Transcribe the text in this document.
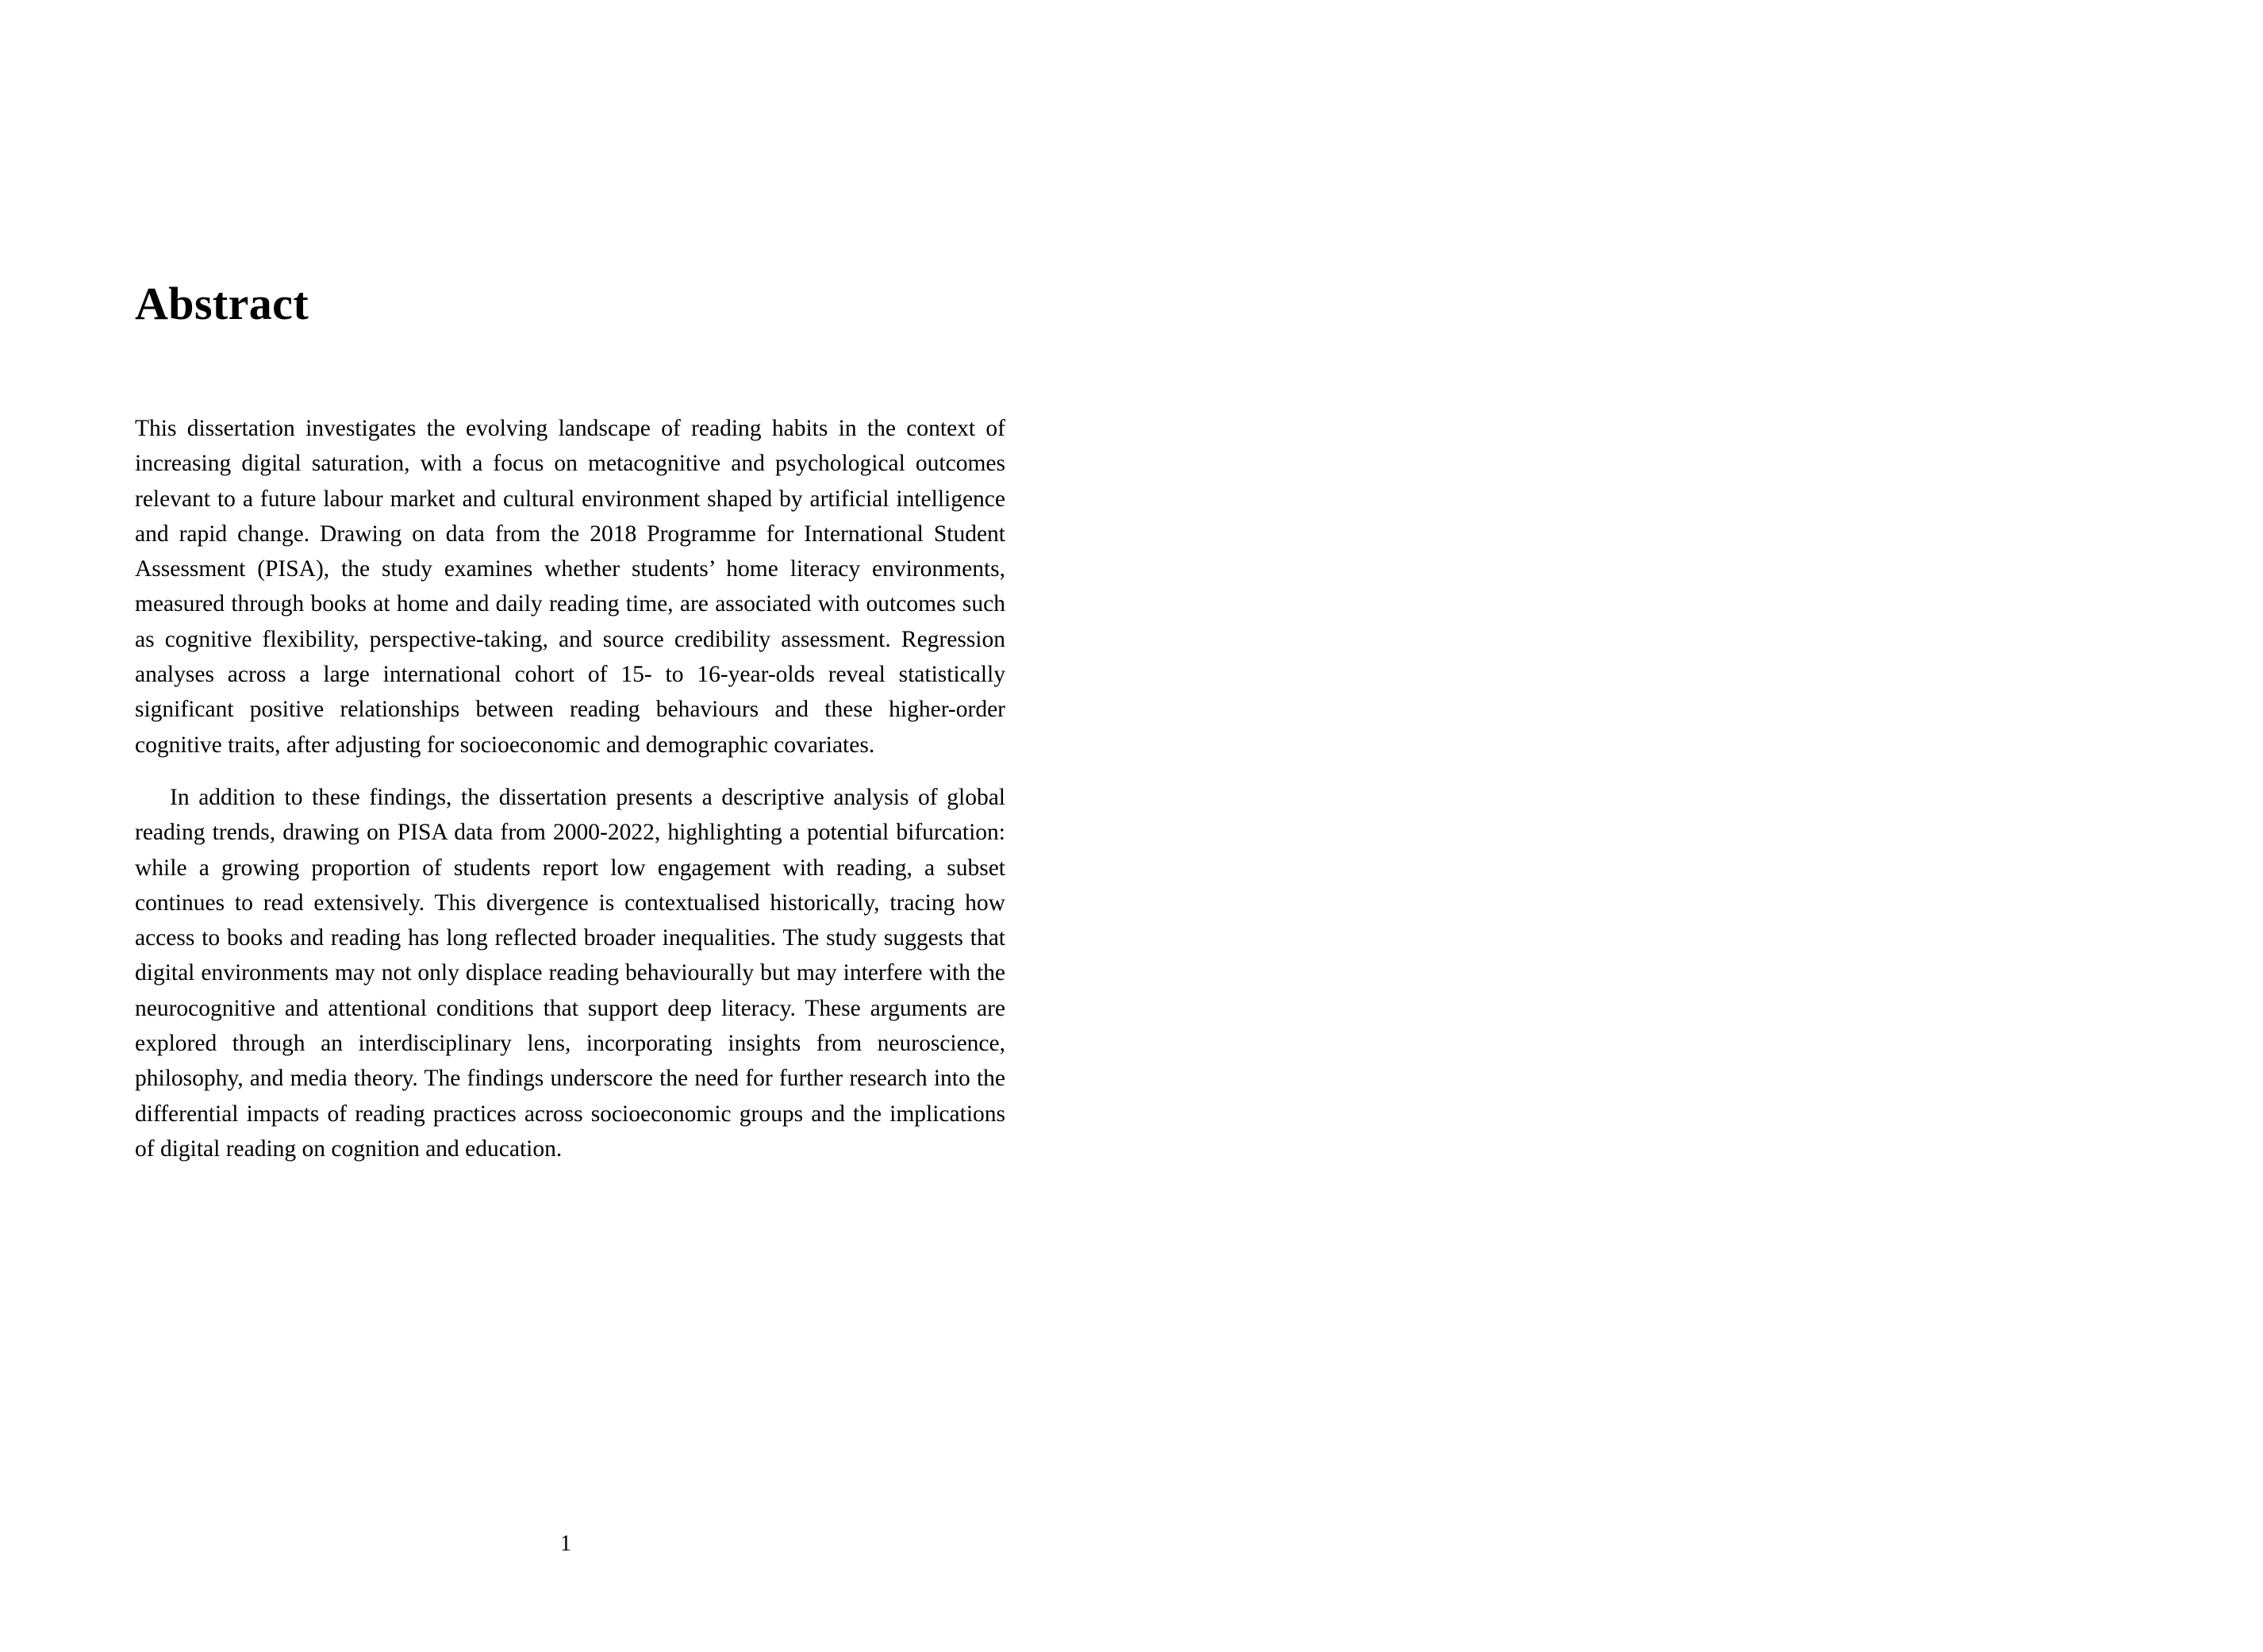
Abstract

This dissertation investigates the evolving landscape of reading habits in the context of increasing digital saturation, with a focus on metacognitive and psychological outcomes relevant to a future labour market and cultural environment shaped by artificial intelligence and rapid change. Drawing on data from the 2018 Programme for International Student Assessment (PISA), the study examines whether students’ home literacy environments, measured through books at home and daily reading time, are associated with outcomes such as cognitive flexibility, perspective-taking, and source credibility assessment. Regression analyses across a large international cohort of 15- to 16-year-olds reveal statistically significant positive relationships between reading behaviours and these higher-order cognitive traits, after adjusting for socioeconomic and demographic covariates.

In addition to these findings, the dissertation presents a descriptive analysis of global reading trends, drawing on PISA data from 2000-2022, highlighting a potential bifurcation: while a growing proportion of students report low engagement with reading, a subset continues to read extensively. This divergence is contextualised historically, tracing how access to books and reading has long reflected broader inequalities. The study suggests that digital environments may not only displace reading behaviourally but may interfere with the neurocognitive and attentional conditions that support deep literacy. These arguments are explored through an interdisciplinary lens, incorporating insights from neuroscience, philosophy, and media theory. The findings underscore the need for further research into the differential impacts of reading practices across socioeconomic groups and the implications of digital reading on cognition and education.

1
